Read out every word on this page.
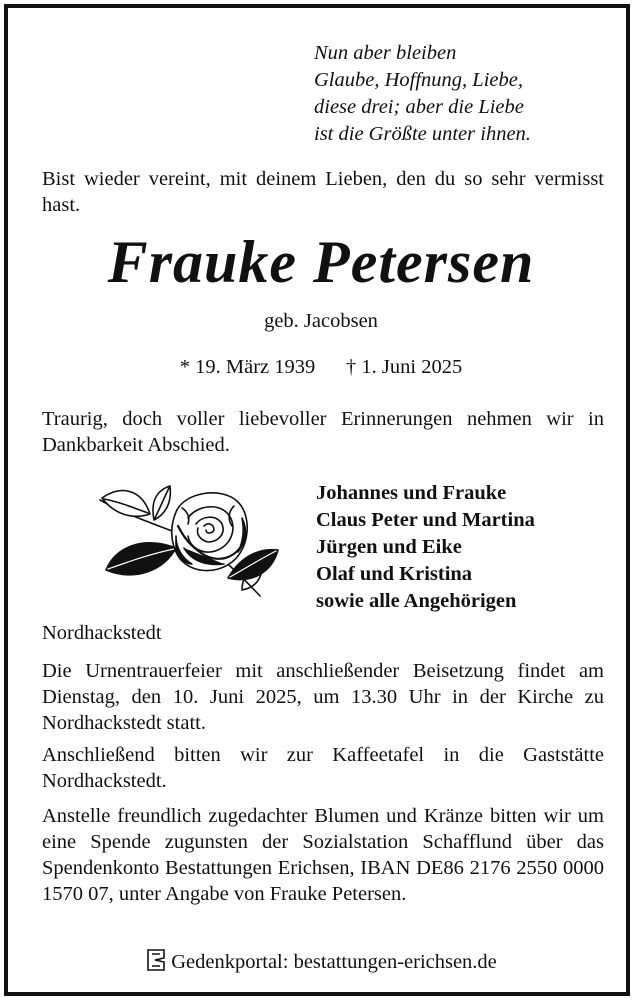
Nun aber bleiben
Glaube, Hoffnung, Liebe,
diese drei; aber die Liebe
ist die Größte unter ihnen.

Bist wieder vereint, mit deinem Lieben, den du so sehr vermisst hast.

Frauke Petersen
geb. Jacobsen
* 19. März 1939 † 1. Juni 2025

Traurig, doch voller liebevoller Erinnerungen nehmen wir in Dankbarkeit Abschied.

Johannes und Frauke
Claus Peter und Martina
Jürgen und Eike
Olaf und Kristina
sowie alle Angehörigen
Nordhackstedt

Die Urnentrauerfeier mit anschließender Beisetzung findet am Dienstag, den 10. Juni 2025, um 13.30 Uhr in der Kirche zu Nordhackstedt statt.

Anschließend bitten wir zur Kaffeetafel in die Gaststätte Nordhackstedt.

Anstelle freundlich zugedachter Blumen und Kränze bitten wir um eine Spende zugunsten der Sozialstation Schafflund über das Spendenkonto Bestattungen Erichsen, IBAN DE86 2176 2550 0000 1570 07, unter Angabe von Frauke Petersen.

Gedenkportal: bestattungen-erichsen.de
